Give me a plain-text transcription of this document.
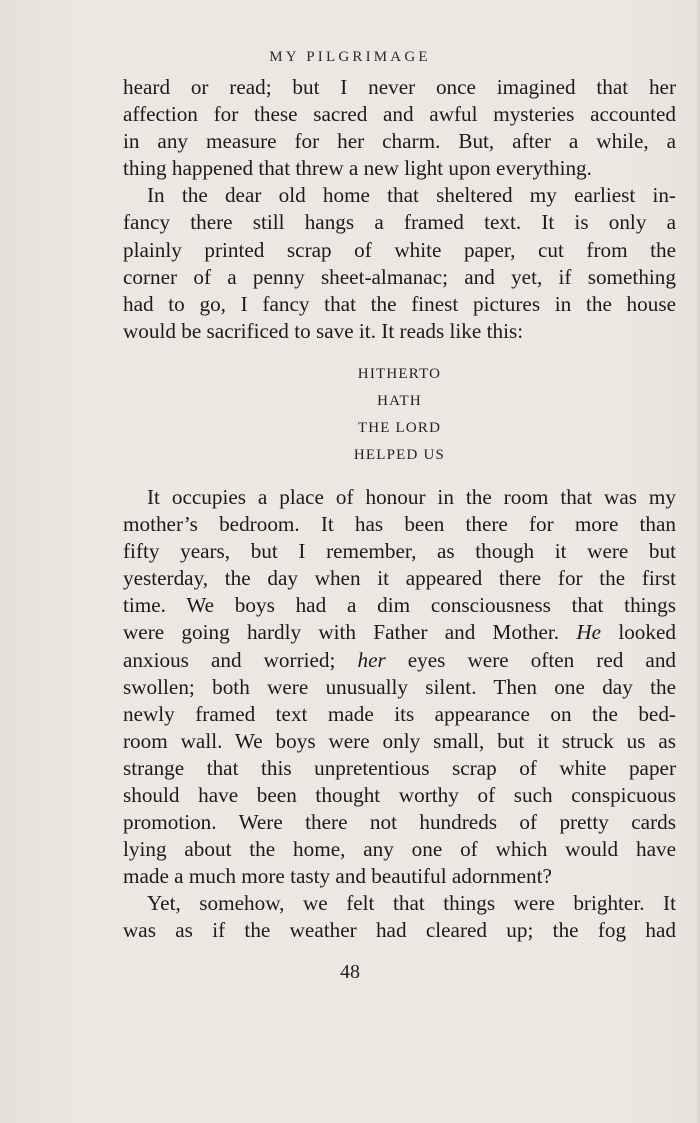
MY PILGRIMAGE
heard or read; but I never once imagined that her
affection for these sacred and awful mysteries accounted
in any measure for her charm. But, after a while, a
thing happened that threw a new light upon everything.
In the dear old home that sheltered my earliest in-
fancy there still hangs a framed text. It is only a
plainly printed scrap of white paper, cut from the
corner of a penny sheet-almanac; and yet, if something
had to go, I fancy that the finest pictures in the house
would be sacrificed to save it. It reads like this:
HITHERTO
HATH
THE LORD
HELPED US
It occupies a place of honour in the room that was my
mother’s bedroom. It has been there for more than
fifty years, but I remember, as though it were but
yesterday, the day when it appeared there for the first
time. We boys had a dim consciousness that things
were going hardly with Father and Mother. He looked
anxious and worried; her eyes were often red and
swollen; both were unusually silent. Then one day the
newly framed text made its appearance on the bed-
room wall. We boys were only small, but it struck us as
strange that this unpretentious scrap of white paper
should have been thought worthy of such conspicuous
promotion. Were there not hundreds of pretty cards
lying about the home, any one of which would have
made a much more tasty and beautiful adornment?
Yet, somehow, we felt that things were brighter. It
was as if the weather had cleared up; the fog had
48
